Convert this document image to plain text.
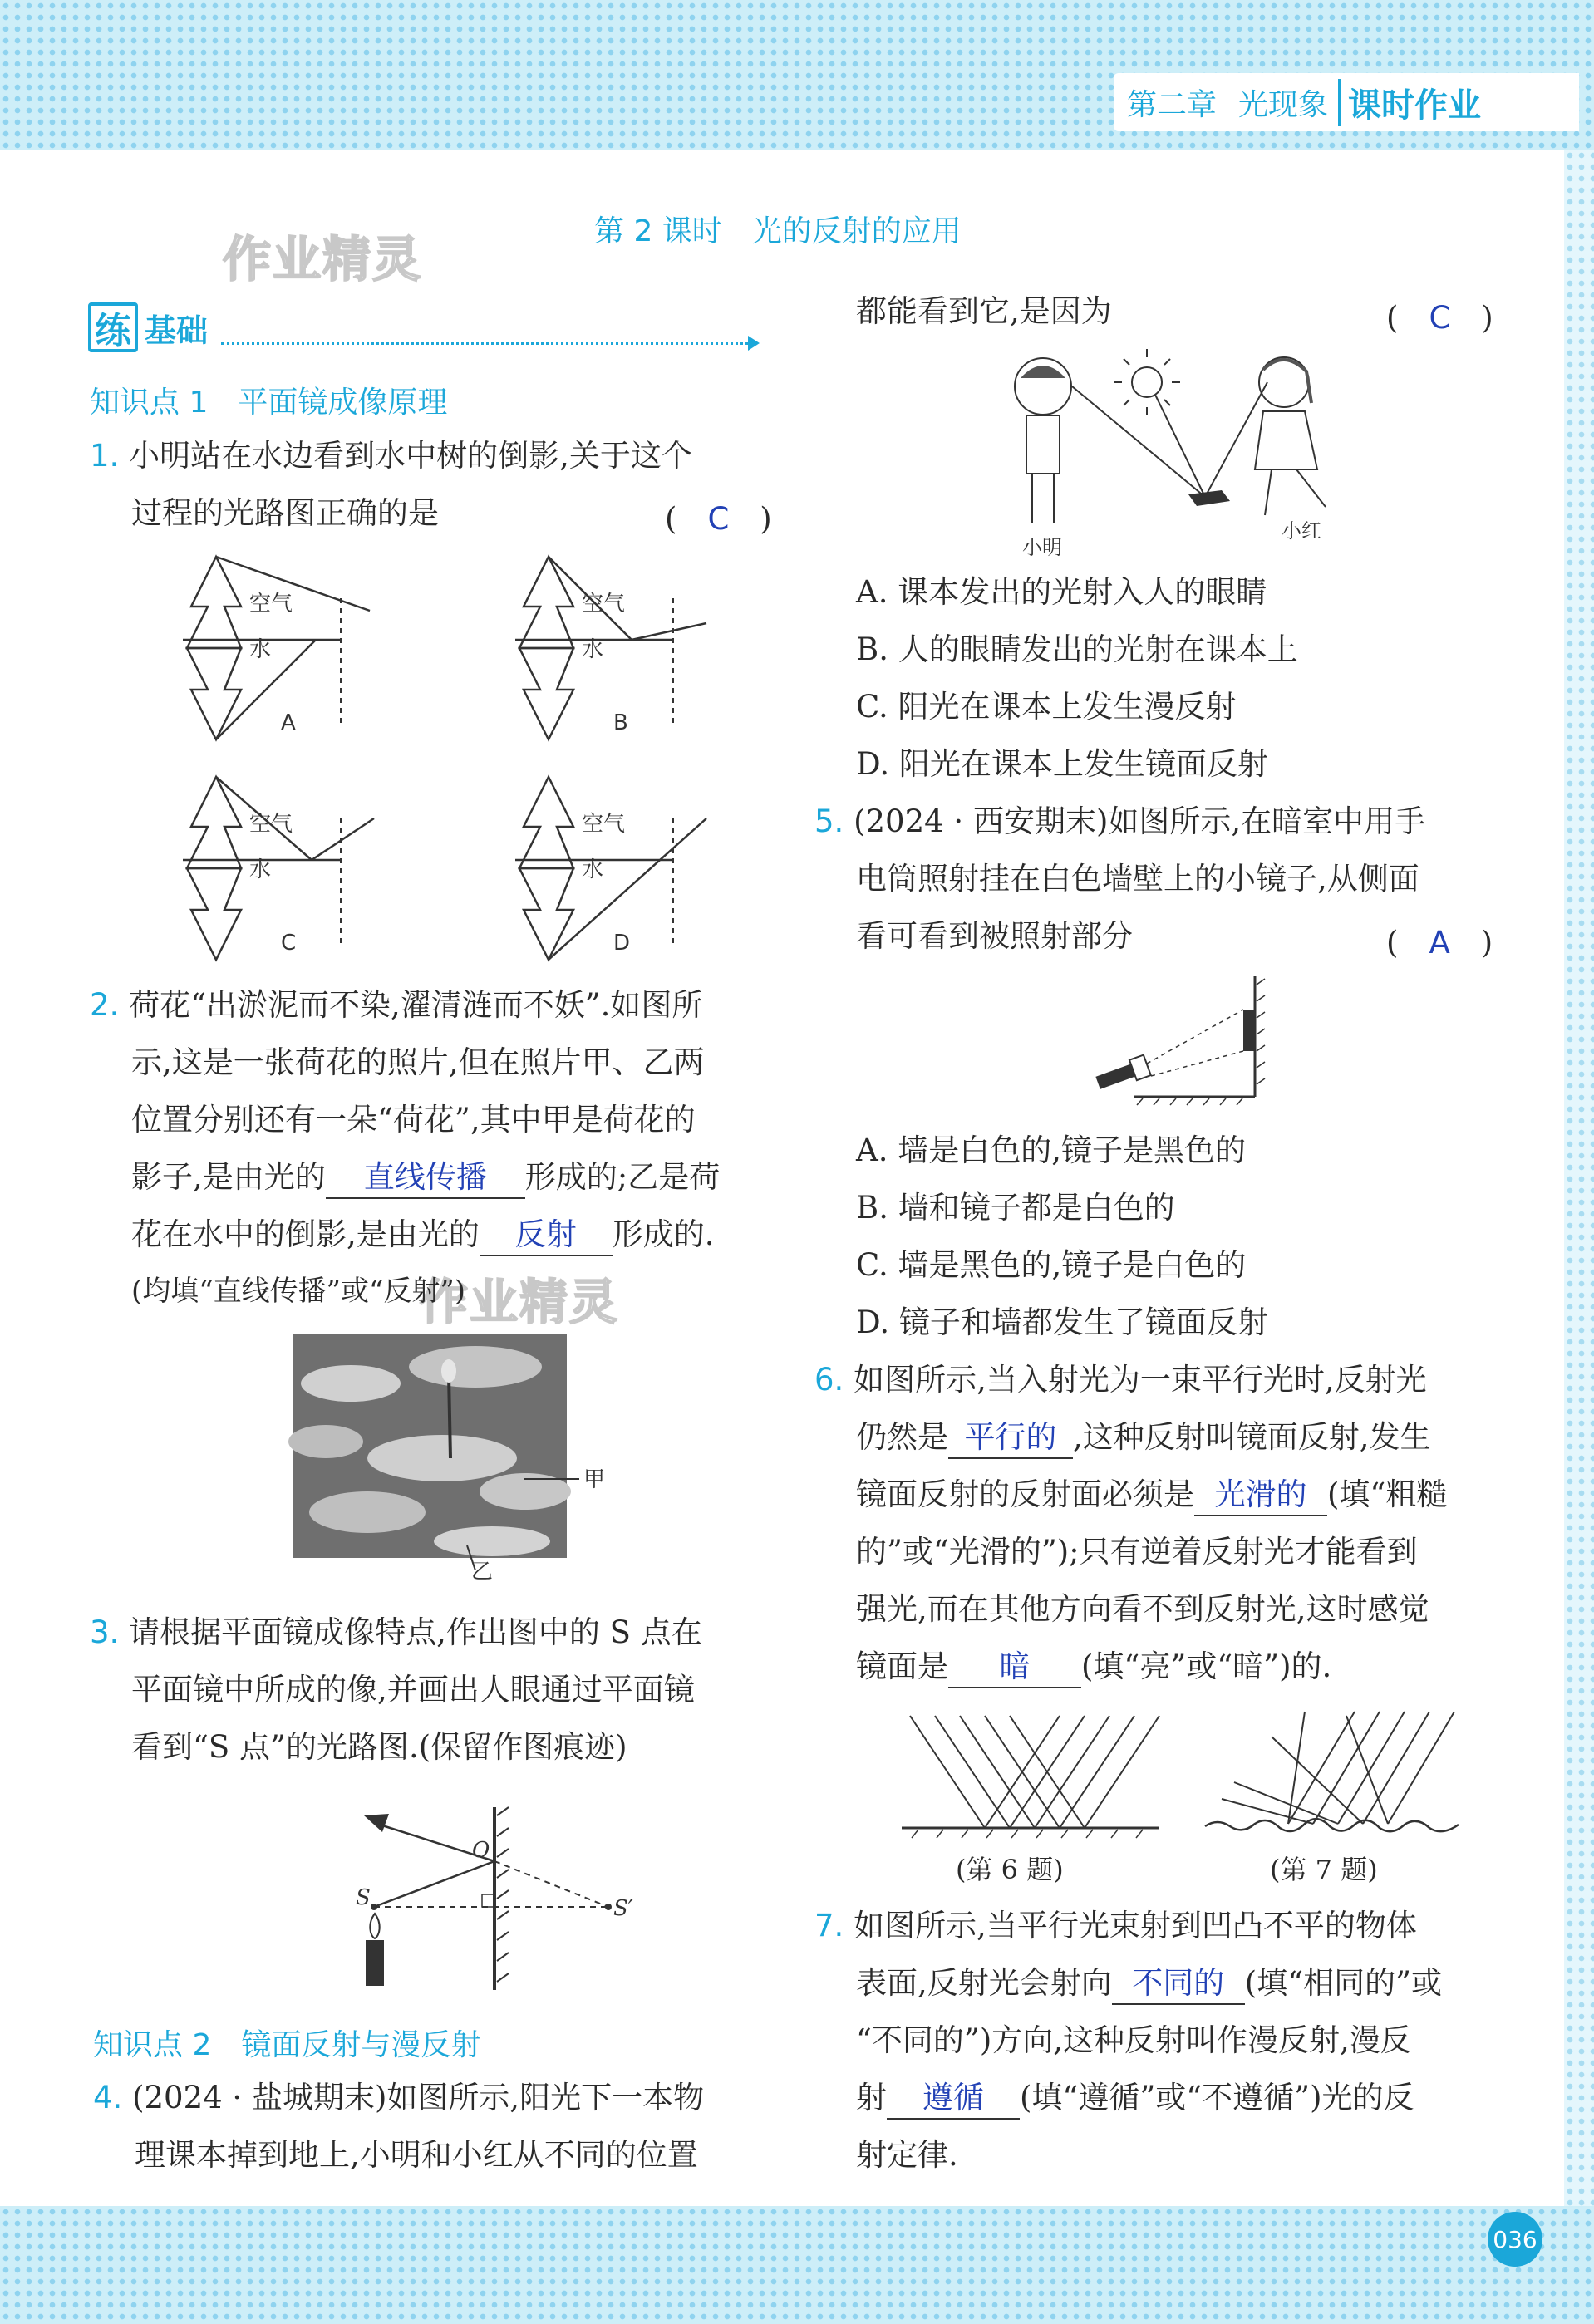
第二章 光现象 课时作业
作业精灵
作业精灵
第 2 课时　光的反射的应用
练 基础
知识点 1　平面镜成像原理
1. 小明站在水边看到水中树的倒影,关于这个
过程的光路图正确的是	(　C　)
空气
水
A
空气
水
B
空气
水
C
空气
水
D
2. 荷花“出淤泥而不染,濯清涟而不妖”.如图所
示,这是一张荷花的照片,但在照片甲、乙两
位置分别还有一朵“荷花”,其中甲是荷花的
影子,是由光的 直线传播 形成的;乙是荷
花在水中的倒影,是由光的 反射 形成的.
(均填“直线传播”或“反射”)
甲
乙
3. 请根据平面镜成像特点,作出图中的 S 点在
平面镜中所成的像,并画出人眼通过平面镜
看到“S 点”的光路图.(保留作图痕迹)
O
S	S′
知识点 2　镜面反射与漫反射
4. (2024 · 盐城期末)如图所示,阳光下一本物
理课本掉到地上,小明和小红从不同的位置
都能看到它,是因为	(　C　)
小明
小红
A. 课本发出的光射入人的眼睛
B. 人的眼睛发出的光射在课本上
C. 阳光在课本上发生漫反射
D. 阳光在课本上发生镜面反射
5. (2024 · 西安期末)如图所示,在暗室中用手
电筒照射挂在白色墙壁上的小镜子,从侧面
看可看到被照射部分	(　A　)
A. 墙是白色的,镜子是黑色的
B. 墙和镜子都是白色的
C. 墙是黑色的,镜子是白色的
D. 镜子和墙都发生了镜面反射
6. 如图所示,当入射光为一束平行光时,反射光
仍然是 平行的 ,这种反射叫镜面反射,发生
镜面反射的反射面必须是 光滑的 (填“粗糙
的”或“光滑的”);只有逆着反射光才能看到
强光,而在其他方向看不到反射光,这时感觉
镜面是 暗 (填“亮”或“暗”)的.
(第 6 题)	(第 7 题)
7. 如图所示,当平行光束射到凹凸不平的物体
表面,反射光会射向 不同的 (填“相同的”或
“不同的”)方向,这种反射叫作漫反射,漫反
射 遵循 (填“遵循”或“不遵循”)光的反
射定律.
036
